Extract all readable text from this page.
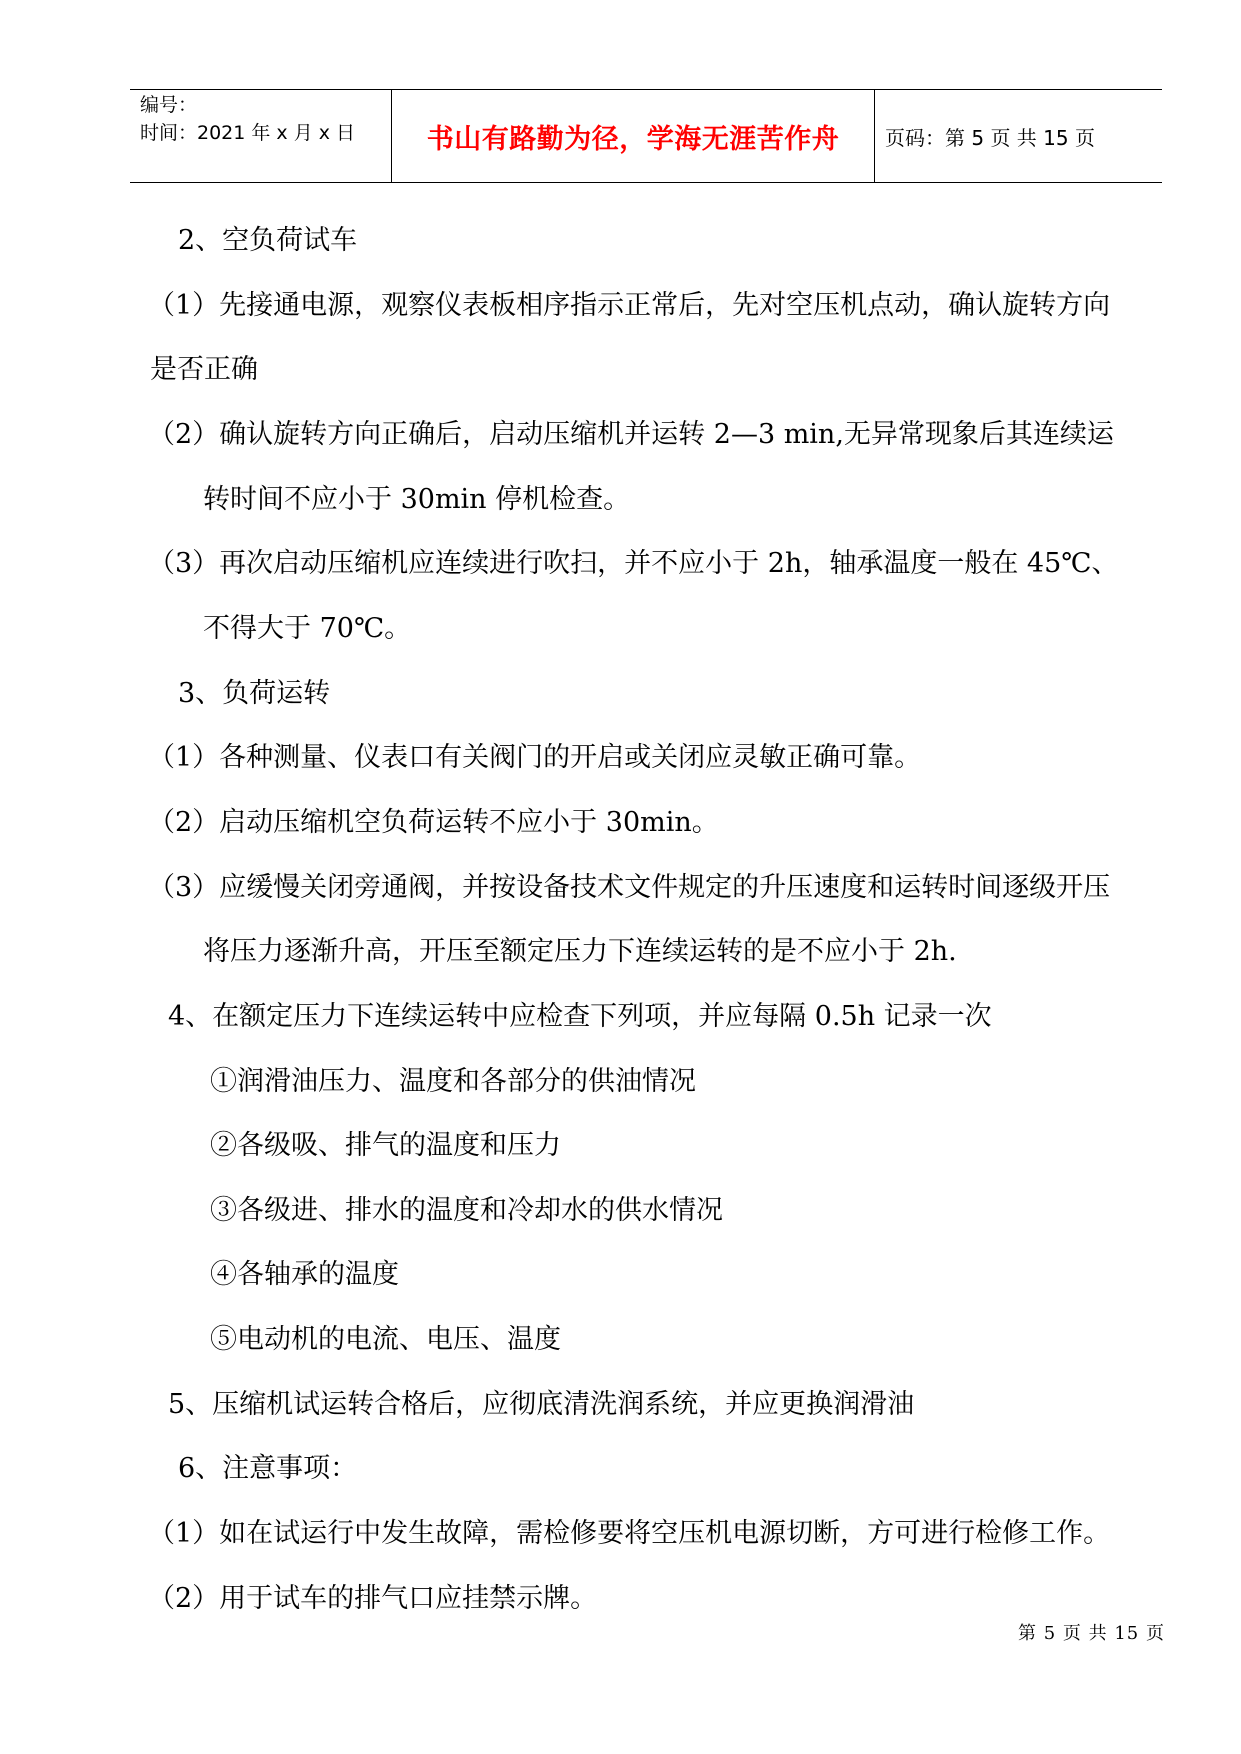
编号：
时间：2021 年 x 月 x 日	书山有路勤为径，学海无涯苦作舟	页码：第 5 页 共 15 页
2、空负荷试车
（1）先接通电源，观察仪表板相序指示正常后，先对空压机点动，确认旋转方向
是否正确
（2）确认旋转方向正确后，启动压缩机并运转 2—3 min,无异常现象后其连续运
转时间不应小于 30min 停机检查。
（3）再次启动压缩机应连续进行吹扫，并不应小于 2h，轴承温度一般在 45℃、
不得大于 70℃。
3、负荷运转
（1）各种测量、仪表口有关阀门的开启或关闭应灵敏正确可靠。
（2）启动压缩机空负荷运转不应小于 30min。
（3）应缓慢关闭旁通阀，并按设备技术文件规定的升压速度和运转时间逐级开压
将压力逐渐升高，开压至额定压力下连续运转的是不应小于 2h.
4、在额定压力下连续运转中应检查下列项，并应每隔 0.5h 记录一次
①润滑油压力、温度和各部分的供油情况
②各级吸、排气的温度和压力
③各级进、排水的温度和冷却水的供水情况
④各轴承的温度
⑤电动机的电流、电压、温度
5、压缩机试运转合格后，应彻底清洗润系统，并应更换润滑油
6、注意事项：
（1）如在试运行中发生故障，需检修要将空压机电源切断，方可进行检修工作。
（2）用于试车的排气口应挂禁示牌。
第 5 页 共 15 页
